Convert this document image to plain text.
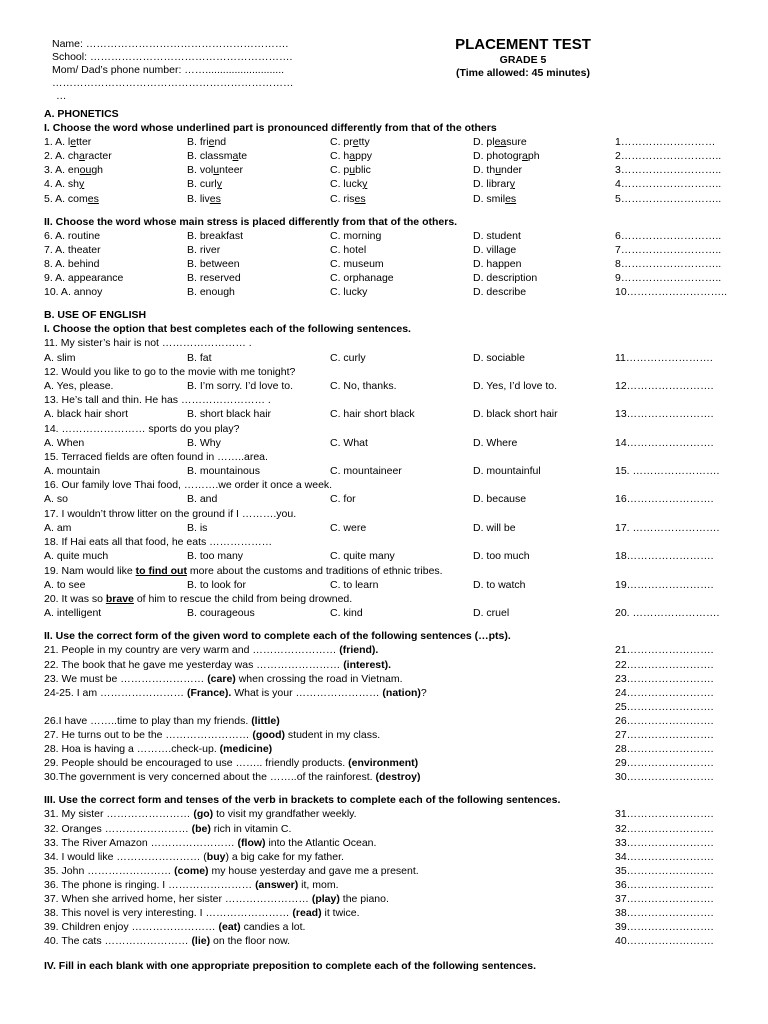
Name: ………………………………………………….
School: ………………………………………………….
Mom/ Dad’s phone number: ……...........................
……………………………………………………………
…
PLACEMENT TEST
GRADE 5
(Time allowed: 45 minutes)
A. PHONETICS
I. Choose the word whose underlined part is pronounced differently from that of the others
1. A. letter	B. friend	C. pretty	D. pleasure	1………………………
2. A. character	B. classmate	C. happy	D. photograph	2………………………..
3. A. enough	B. volunteer	C. public	D. thunder	3………………………..
4. A. shy	B. curly	C. lucky	D. library	4………………………..
5. A. comes	B. lives	C. rises	D. smiles	5………………………..
II. Choose the word whose main stress is placed differently from that of the others.
6. A. routine	B. breakfast	C. morning	D. student	6………………………..
7. A. theater	B. river	C. hotel	D. village	7………………………..
8. A. behind	B. between	C. museum	D. happen	8………………………..
9. A. appearance	B. reserved	C. orphanage	D. description	9………………………..
10. A. annoy	B. enough	C. lucky	D. describe	10………………………..
B. USE OF ENGLISH
I. Choose the option that best completes each of the following sentences.
11. My sister’s hair is not …………………… .
A. slim	B. fat	C. curly	D. sociable	11…………………….
12. Would you like to go to the movie with me tonight?
A. Yes, please.	B. I’m sorry. I’d love to.	C. No, thanks.	D. Yes, I’d love to.	12…………………….
13. He’s tall and thin. He has …………………… .
A. black hair short	B. short black hair	C. hair short black	D. black short hair	13…………………….
14. …………………… sports do you play?
A. When	B. Why	C. What	D. Where	14…………………….
15. Terraced fields are often found in ……..area.
A. mountain	B. mountainous	C. mountaineer	D. mountainful	15. …………………….
16. Our family love Thai food, ……….we order it once a week.
A. so	B. and	C. for	D. because	16…………………….
17. I wouldn’t throw litter on the ground if I ……….you.
A. am	B. is	C. were	D. will be	17. …………………….
18. If Hai eats all that food, he eats ………………
A. quite much	B. too many	C. quite many	D. too much	18…………………….
19. Nam would like to find out more about the customs and traditions of ethnic tribes.
A. to see	B. to look for	C. to learn	D. to watch	19…………………….
20. It was so brave of him to rescue the child from being drowned.
A. intelligent	B. courageous	C. kind	D. cruel	20. …………………….
II. Use the correct form of the given word to complete each of the following sentences (…pts).
21. People in my country are very warm and …………………… (friend).	21…………………….
22. The book that he gave me yesterday was …………………… (interest).	22…………………….
23. We must be …………………… (care) when crossing the road in Vietnam.	23…………………….
24-25. I am …………………… (France). What is your …………………… (nation)?	24…………………….
25…………………….
26.I have ……..time to play than my friends. (little)	26…………………….
27. He turns out to be the …………………… (good) student in my class.	27…………………….
28. Hoa is having a ……….check-up. (medicine)	28…………………….
29. People should be encouraged to use …….. friendly products. (environment)	29…………………….
30.The government is very concerned about the ……..of the rainforest. (destroy)	30…………………….
III. Use the correct form and tenses of the verb in brackets to complete each of the following sentences.
31. My sister …………………… (go) to visit my grandfather weekly.	31…………………….
32. Oranges …………………… (be) rich in vitamin C.	32…………………….
33. The River Amazon …………………… (flow) into the Atlantic Ocean.	33…………………….
34. I would like …………………… (buy) a big cake for my father.	34…………………….
35. John …………………… (come) my house yesterday and gave me a present.	35…………………….
36. The phone is ringing. I …………………… (answer) it, mom.	36…………………….
37. When she arrived home, her sister …………………… (play) the piano.	37…………………….
38. This novel is very interesting. I …………………… (read) it twice.	38…………………….
39. Children enjoy …………………… (eat) candies a lot.	39…………………….
40. The cats …………………… (lie) on the floor now.	40…………………….
IV. Fill in each blank with one appropriate preposition to complete each of the following sentences.
